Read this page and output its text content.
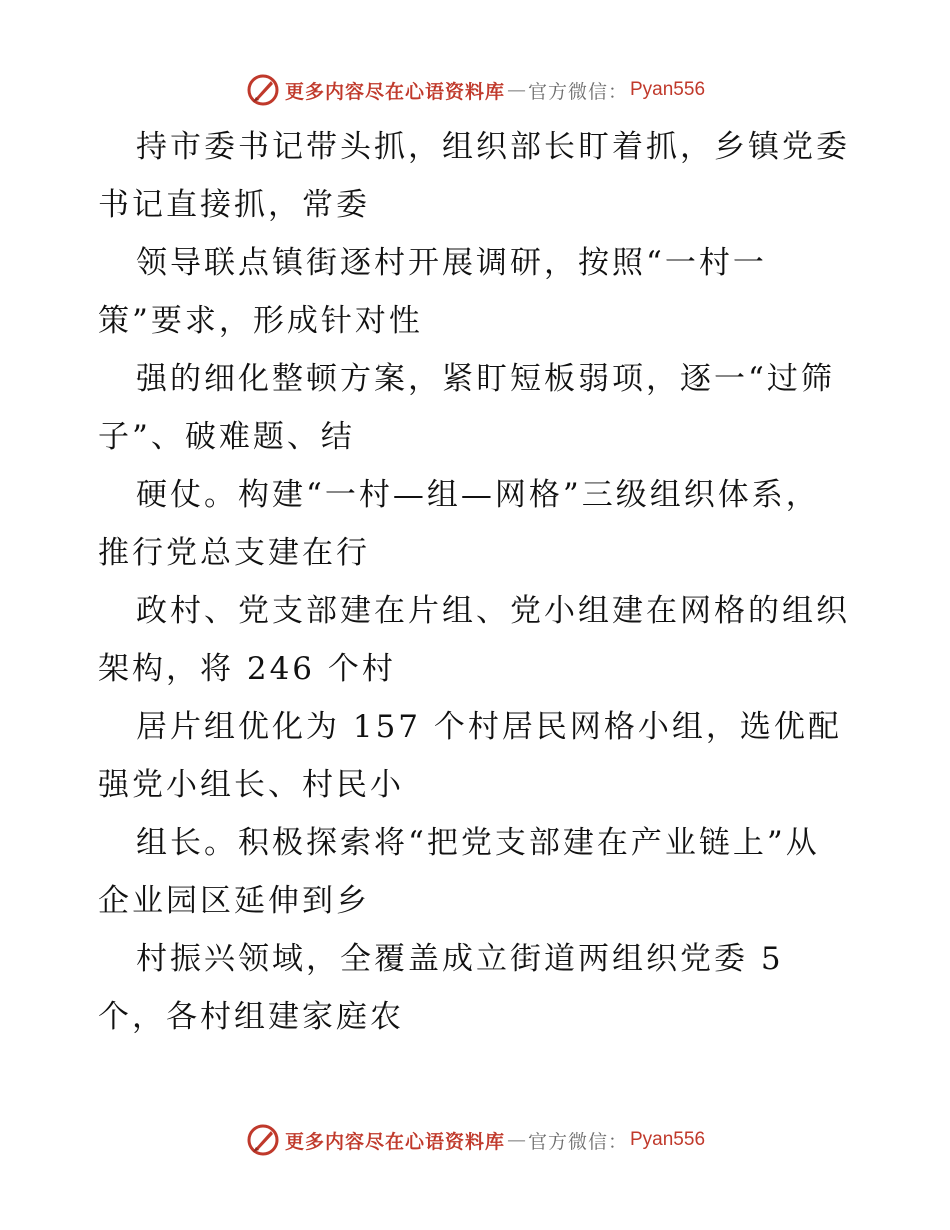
更多内容尽在心语资料库 — 官方微信： Pyan556

持市委书记带头抓，组织部长盯着抓，乡镇党委
书记直接抓，常委

领导联点镇街逐村开展调研，按照“一村一
策”要求，形成针对性

强的细化整顿方案，紧盯短板弱项，逐一“过筛
子”、破难题、结

硬仗。构建“一村—组—网格”三级组织体系，
推行党总支建在行

政村、党支部建在片组、党小组建在网格的组织
架构，将 246 个村

居片组优化为 157 个村居民网格小组，选优配
强党小组长、村民小

组长。积极探索将“把党支部建在产业链上”从
企业园区延伸到乡

村振兴领域，全覆盖成立街道两组织党委 5
个，各村组建家庭农

更多内容尽在心语资料库 — 官方微信： Pyan556
